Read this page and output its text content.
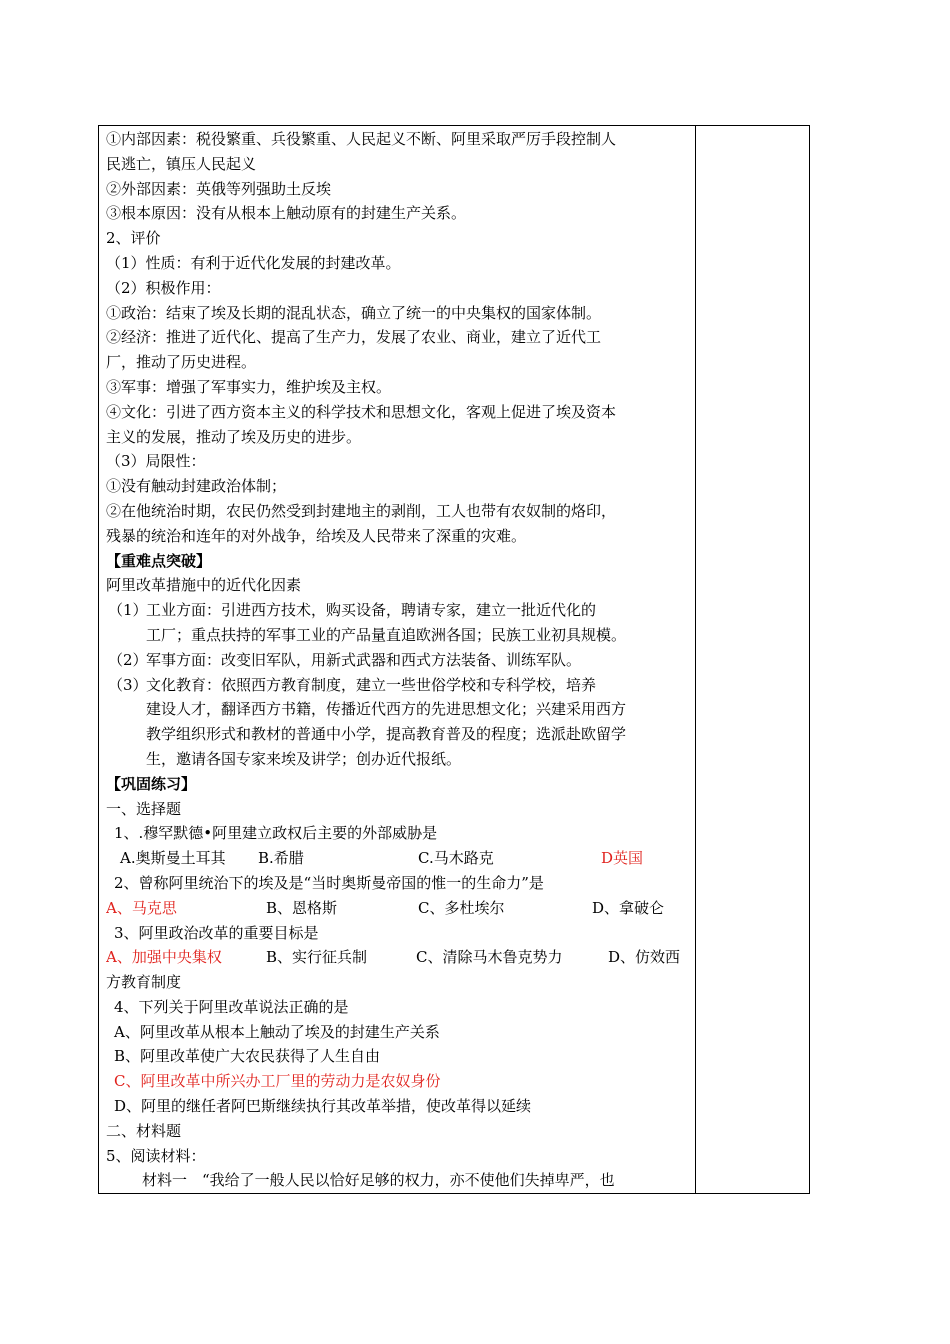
①内部因素：税役繁重、兵役繁重、人民起义不断、阿里采取严厉手段控制人
民逃亡，镇压人民起义
②外部因素：英俄等列强助土反埃
③根本原因：没有从根本上触动原有的封建生产关系。
2、评价
（1）性质：有利于近代化发展的封建改革。
（2）积极作用：
①政治：结束了埃及长期的混乱状态，确立了统一的中央集权的国家体制。
②经济：推进了近代化、提高了生产力，发展了农业、商业，建立了近代工
厂，推动了历史进程。
③军事：增强了军事实力，维护埃及主权。
④文化：引进了西方资本主义的科学技术和思想文化，客观上促进了埃及资本
主义的发展，推动了埃及历史的进步。
（3）局限性：
①没有触动封建政治体制；
②在他统治时期，农民仍然受到封建地主的剥削，工人也带有农奴制的烙印，
残暴的统治和连年的对外战争，给埃及人民带来了深重的灾难。
【重难点突破】
阿里改革措施中的近代化因素
（1）
工业方面：引进西方技术，购买设备，聘请专家，建立一批近代化的
工厂；重点扶持的军事工业的产品量直追欧洲各国；民族工业初具规模。
（2）
军事方面：改变旧军队，用新式武器和西式方法装备、训练军队。
（3）
文化教育：依照西方教育制度，建立一些世俗学校和专科学校，培养
建设人才，翻译西方书籍，传播近代西方的先进思想文化；兴建采用西方
教学组织形式和教材的普通中小学，提高教育普及的程度；选派赴欧留学
生，邀请各国专家来埃及讲学；创办近代报纸。
【巩固练习】
一、选择题
1、.穆罕默德•阿里建立政权后主要的外部威胁是
A.奥斯曼土耳其 B.希腊	C.马木路克	D英国
2、曾称阿里统治下的埃及是“当时奥斯曼帝国的惟一的生命力”是
A、马克思	B、恩格斯	C、多杜埃尔	D、拿破仑
3、阿里政治改革的重要目标是
A、加强中央集权	B、实行征兵制	C、清除马木鲁克势力	D、仿效西
方教育制度
4、下列关于阿里改革说法正确的是
A、阿里改革从根本上触动了埃及的封建生产关系
B、阿里改革使广大农民获得了人生自由
C、阿里改革中所兴办工厂里的劳动力是农奴身份
D、阿里的继任者阿巴斯继续执行其改革举措，使改革得以延续
二、材料题
5、阅读材料：
材料一　“我给了一般人民以恰好足够的权力，亦不使他们失掉卑严，也
